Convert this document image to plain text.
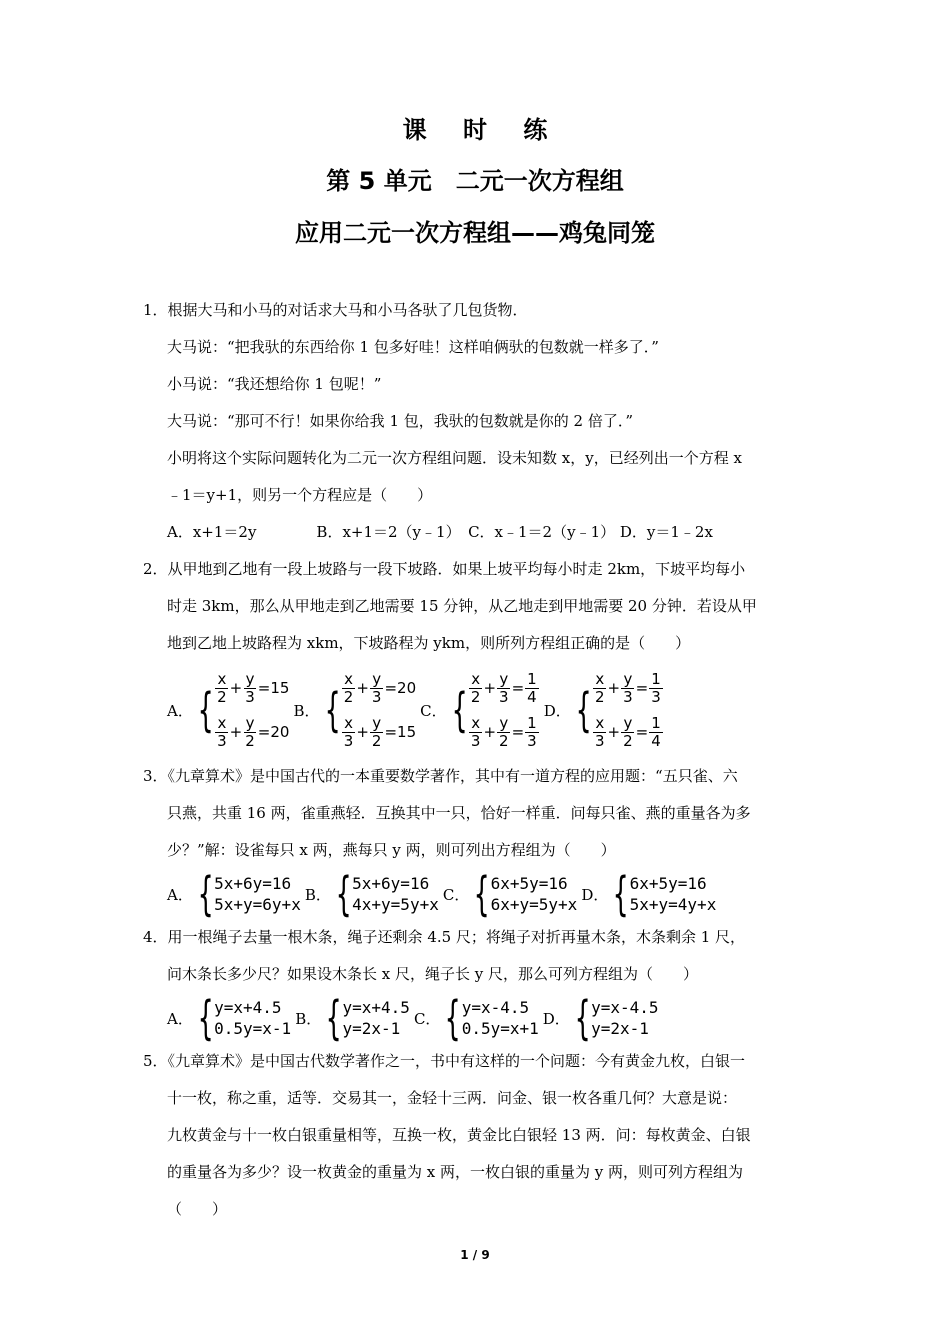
课 时 练
第 5 单元　二元一次方程组
应用二元一次方程组——鸡兔同笼
1．根据大马和小马的对话求大马和小马各驮了几包货物．
大马说：“把我驮的东西给你 1 包多好哇！这样咱俩驮的包数就一样多了．”
小马说：“我还想给你 1 包呢！”
大马说：“那可不行！如果你给我 1 包，我驮的包数就是你的 2 倍了．”
小明将这个实际问题转化为二元一次方程组问题．设未知数 x，y，已经列出一个方程 x
﹣1＝y+1，则另一个方程应是（　　）
A．x+1＝2y　　　　B．x+1＝2（y﹣1）　C．x﹣1＝2（y﹣1） D．y＝1﹣2x
2．从甲地到乙地有一段上坡路与一段下坡路．如果上坡平均每小时走 2km，下坡平均每小
时走 3km，那么从甲地走到乙地需要 15 分钟，从乙地走到甲地需要 20 分钟．若设从甲
地到乙地上坡路程为 xkm，下坡路程为 ykm，则所列方程组正确的是（　　）
A． { $\frac{x}{2} + \frac{y}{3} = 15$
$\frac{x}{3} + \frac{y}{2} = 20$
B． { $\frac{x}{2} + \frac{y}{3} = 20$
$\frac{x}{3} + \frac{y}{2} = 15$
C． { $\frac{x}{2} + \frac{y}{3} = \frac{1}{4}$
$\frac{x}{3} + \frac{y}{2} = \frac{1}{3}$
D． { $\frac{x}{2} + \frac{y}{3} = \frac{1}{3}$
$\frac{x}{3} + \frac{y}{2} = \frac{1}{4}$
3．《九章算术》是中国古代的一本重要数学著作，其中有一道方程的应用题：“五只雀、六
只燕，共重 16 两，雀重燕轻．互换其中一只，恰好一样重．问每只雀、燕的重量各为多
少？”解：设雀每只 x 两，燕每只 y 两，则可列出方程组为（　　）
A． { 5x+6y=16
5x+y=6y+x
B． { 5x+6y=16
4x+y=5y+x
C． { 6x+5y=16
6x+y=5y+x
D． { 6x+5y=16
5x+y=4y+x
4．用一根绳子去量一根木条，绳子还剩余 4.5 尺；将绳子对折再量木条，木条剩余 1 尺，
问木条长多少尺？如果设木条长 x 尺，绳子长 y 尺，那么可列方程组为（　　）
A． { y=x+4.5
0.5y=x-1
B． { y=x+4.5
y=2x-1
C． { y=x-4.5
0.5y=x+1
D． { y=x-4.5
y=2x-1
5．《九章算术》是中国古代数学著作之一，书中有这样的一个问题：今有黄金九枚，白银一
十一枚，称之重，适等．交易其一，金轻十三两．问金、银一枚各重几何？大意是说：
九枚黄金与十一枚白银重量相等，互换一枚，黄金比白银轻 13 两．问：每枚黄金、白银
的重量各为多少？设一枚黄金的重量为 x 两，一枚白银的重量为 y 两，则可列方程组为
（　　）
1 / 9
